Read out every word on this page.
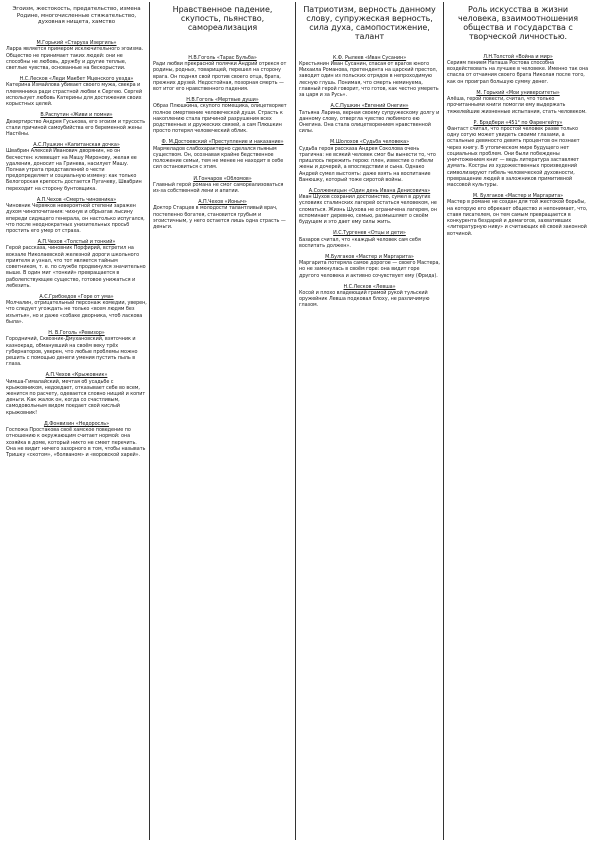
Эгоизм, жестокость, предательство, измена Родине, многочисленные стяжательство, духовная нищета, хамство
М.Горький «Старуха Изергиль»
Ларра является примером исключительного эгоизма. Общество не принимает таких людей: они не способны не любовь, дружбу и другие теплые, светлые чувства, основанные на бескорыстии.
Н.С.Лесков «Леди Макбет Мценского уезда»
Катерина Измайлова убивает своего мужа, свекра и племянника ради страстной любви к Сергею. Сергей использует любовь Катерины для достижения своих корыстных целей.
В.Распутин «Живи и помни»
Дезертирство Андрея Гуськова, его эгоизм и трусость стали причиной самоубийства его беременной жены Настёны.
А.С.Пушкин «Капитанская дочка»
Швабрин Алексей Иванович дворянин, но он бесчестен: клевещет на Машу Миронову, желая ее удаления, доносит на Гринева, насилует Машу. Полная утрата представлений о чести предопределяет и социальную измену: как только Белогорская крепость достается Пугачеву, Швабрин переходит на сторону бунтовщика.
А.П.Чехов «Смерть чиновника»
Чиновник Червяков невероятной степени заражен духом чинопочитания: чихнув и обрызгав лысину впереди сидящего генерала, он настолько испугался, что после неоднократных унизительных просьб простить его умер от страха.
А.П.Чехов «Толстый и тонкий»
Герой рассказа, чиновник Порфирий, встретил на вокзале Николаевской железной дороги школьного приятеля и узнал, что тот является тайным советником, т. е. по службе продвинулся значительно выше. В один миг «тонкий» превращается в раболепствующее существо, готовое унижаться и лебезить.
А.С.Грибоедов «Горе от ума»
Молчалин, отрицательный персонаж комедии, уверен, что следует угождать не только «всем людям без изъятья», но и даже «собаке дворника, чтоб ласкова была».
Н. В.Гоголь «Ревизор»
Городничий, Сквозник-Дмухановский, взяточник и казнокрад, обманувший на своём веку трёх губернаторов, уверен, что любые проблемы можно решить с помощью денеги умения пустить пыль в глаза.
А.П.Чехов «Крыжовник»
Чимша-Гималайский, мечтая об усадьбе с крыжовником, недоедает, отказывает себе во всем, женится по расчету, одевается словно нищий и копит деньги. Как жалок он, когда со счастливым, самодовольным видом поедает свой кислый крыжовник!
Д.Фонвизин «Недоросль»
Госпожа Простакова своё хамское поведение по отношению к окружающим считает нормой: она хозяйка в доме, который никто не смеет перечить. Она не видит ничего зазорного в том, чтобы называть Тришку «скотом», «болваном» и «воровской харей».
Нравственное падение, скупость, пьянство, самореализация
Н.В.Гоголь «Тарас Бульба»
Ради любви прекрасной полячки Андрий отрекся от родины, родных, товарищей, перешел на сторону врага. Он поднял свой против своего отца, брата, прежних друзей. Недостойная, позорная смерть — вот итог его нравственного падения.
Н.В.Гоголь «Мертвые души»
Образ Плюшкина, скупого помещика, олицетворяет полное омертвение человеческой души. Страсть к накоплению стала причиной разрушения всех родственных и дружеских связей, а сам Плюшкин просто потерял человеческий облик.
Ф. М.Достоевский «Преступление и наказание»
Мармеладов слабохарактерно сделался пьяным существом. Он, осознавая крайне бедственное положение семьи, тем не менее не находит в себе сил остановиться с этим.
И.Гончаров «Обломов»
Главный герой романа не смог самореализоваться из-за собственной лени и апатии.
А.П.Чехов «Ионыч»
Доктор Старцев в молодости талантливый врач, постепенно богатея, становится грубым и эгоистичным, у него остается лишь одна страсть — деньги.
Патриотизм, верность данному слову, супружеская верность, сила духа, самопостижение, талант
К.Ф. Рылеев «Иван Сусанин»
Крестьянин Иван Сусанин, спасая от врагов юного Михаила Романова, претендента на царский престол, заводит один из польских отрядов в непроходимую лесную глушь. Понимая, что смерть неминуема, главный герой говорит, что готов, как честно умереть за царя и за Русь».
А.С.Пушкин «Евгений Онегин»
Татьяна Ларина, верная своему супружескому долгу и данному слову, отвергла чувство любимого ею Онегина. Она стала олицетворением нравственной силы.
М.Шолохов «Судьба человека»
Судьба героя рассказа Андрея Соколова очень трагична: не всякий человек смог бы вынести то, что пришлось пережить герою: плен, известие о гибели жены и дочерей, а впоследствии и сына. Однако Андрей сумел выстоять: даже взять на воспитание Ванюшку, который тоже сиротой войны.
А.Солженицын «Один день Ивана Денисовича»
Иван Шухов сохранил достоинство, сумел в других условиях сталинских лагерей остаться человеком, не сломаться. Жизнь Шухова не ограничена лагерем, он вспоминает деревню, семью, размышляет о своём будущем и это дает ему силы жить.
И.С.Тургенев «Отцы и дети»
Базаров считал, что «каждый человек сам себя воспитать должен».
М.Булгаков «Мастер и Маргарита»
Маргарита потеряла самое дорогое — своего Мастера, но не замкнулась в своём горе: она видит горе другого человека и активно сочувствует ему (Фрида).
Н.С.Лесков «Левша»
Косой и плохо владеющий грамой рукой тульский оружейник Левша подковал блоху, не различимую глазом.
Роль искусства в жизни человека, взаимоотношения общества и государства с творческой личностью.
Л.Н.Толстой «Война и мир»
Сериям пением Наташа Ростова способна воздействовать на лучшее в человеке. Именно так она спасла от отчаяния своего брата Николая после того, как он проиграл большую сумму денег.
М. Горький «Мои университеты»
Алёша, герой повести, считал, что только прочитанными книги помогли ему выдержать тяжелейшие жизненные испытания, стать человеком.
Р. Брэдбери «451° по Фаренгейту»
Фантаст считал, что простой человек разве только одну сотую может увидеть своими глазами, а остальные девяносто девять процентов он познает через книгу. В утопическом мире будущего нет социальных проблем. Они были побеждены уничтожением книг — ведь литература заставляет думать. Костры из художественных произведений символизируют гибель человеческой духовности, превращение людей в заложников примитивной массовой культуры.
М. Булгаков «Мастер и Маргарита»
Мастер в романе не создан для той жестокой борьбы, на которую его обрекает общество и непонимает, что, ставя писателем, он тем самым превращается в конкурента бездарей и демагогов, захвативших «литературную ниву» и считающих её своей законной вотчиной.
